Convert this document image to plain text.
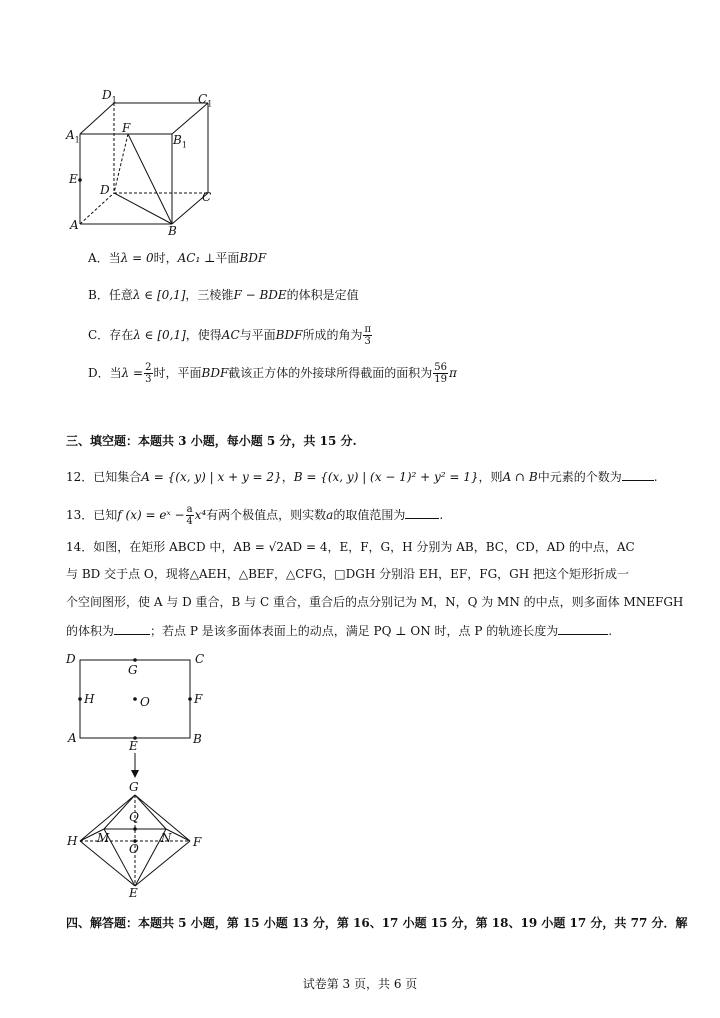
$D_1$	$C_1$
$A_1$	$B_1$
F
E
D	C
A	B
A．当λ = 0时，AC₁ ⊥平面BDF
B．任意λ ∈ [0,1]，三棱锥F − BDE的体积是定值
C．存在λ ∈ [0,1]，使得AC与平面BDF所成的角为 $\frac{\pi}{3}$
D．当$\lambda = \frac{2}{3}$ 时，平面BDF截该正方体的外接球所得截面的面积为 $\frac{56}{19}$ π
三、填空题：本题共 3 小题，每小题 5 分，共 15 分.
12．已知集合A = {(x, y) | x + y = 2}，B = {(x, y) | (x − 1)² + y² = 1}，则A ∩ B中元素的个数为	.
13．已知f (x) = eˣ − $\frac{a}{4} x^4$有两个极值点，则实数a的取值范围为	.
14．如图，在矩形 ABCD 中，AB = √2AD = 4，E，F，G，H 分别为 AB，BC，CD，AD 的中点，AC
与 BD 交于点 O，现将△AEH，△BEF，△CFG，□DGH 分别沿 EH，EF，FG，GH 把这个矩形折成一
个空间图形，使 A 与 D 重合，B 与 C 重合，重合后的点分别记为 M，N，Q 为 MN 的中点，则多面体 MNEFGH
的体积为	；若点 P 是该多面体表面上的动点，满足 PQ ⊥ ON 时，点 P 的轨迹长度为	.
D
G
C
H	O	F
A
E	B
G
Q
H M	N F
O
E
四、解答题：本题共 5 小题，第 15 小题 13 分，第 16、17 小题 15 分，第 18、19 小题 17 分，共 77 分．解
试卷第 3 页，共 6 页
